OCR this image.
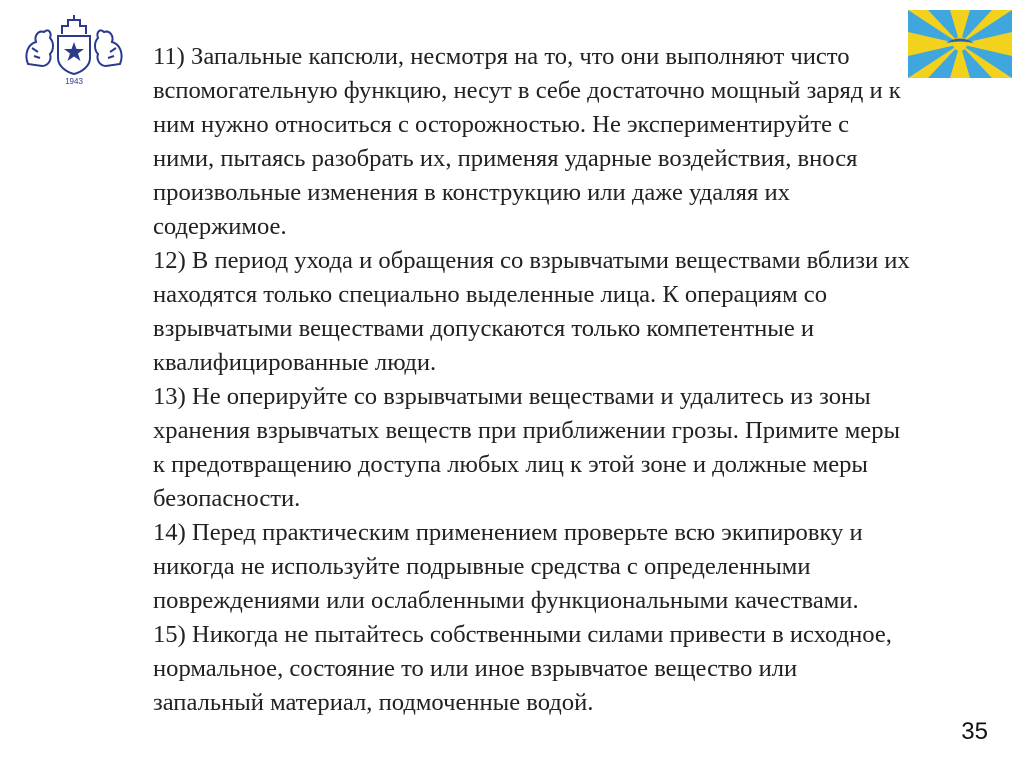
1943

11) Запальные капсюли, несмотря на то, что они выполняют чисто вспомогательную функцию, несут в себе достаточно мощный заряд и к ним нужно относиться с осторожностью. Не экспериментируйте с ними, пытаясь разобрать их, применяя ударные воздействия, внося произвольные изменения в конструкцию или даже удаляя их содержимое.

12) В период ухода и обращения со взрывчатыми веществами вблизи их находятся только специально выделенные лица. К операциям со взрывчатыми веществами допускаются только компетентные и квалифицированные люди.

13) Не оперируйте со взрывчатыми веществами и удалитесь из зоны хранения взрывчатых веществ при приближении грозы. Примите меры к предотвращению доступа любых лиц к этой зоне и должные меры безопасности.

14) Перед практическим применением проверьте всю экипировку и никогда не используйте подрывные средства с определенными повреждениями или ослабленными функциональными качествами.

15) Никогда не пытайтесь собственными силами привести в исходное, нормальное, состояние то или иное взрывчатое вещество или запальный материал, подмоченные водой.

35
